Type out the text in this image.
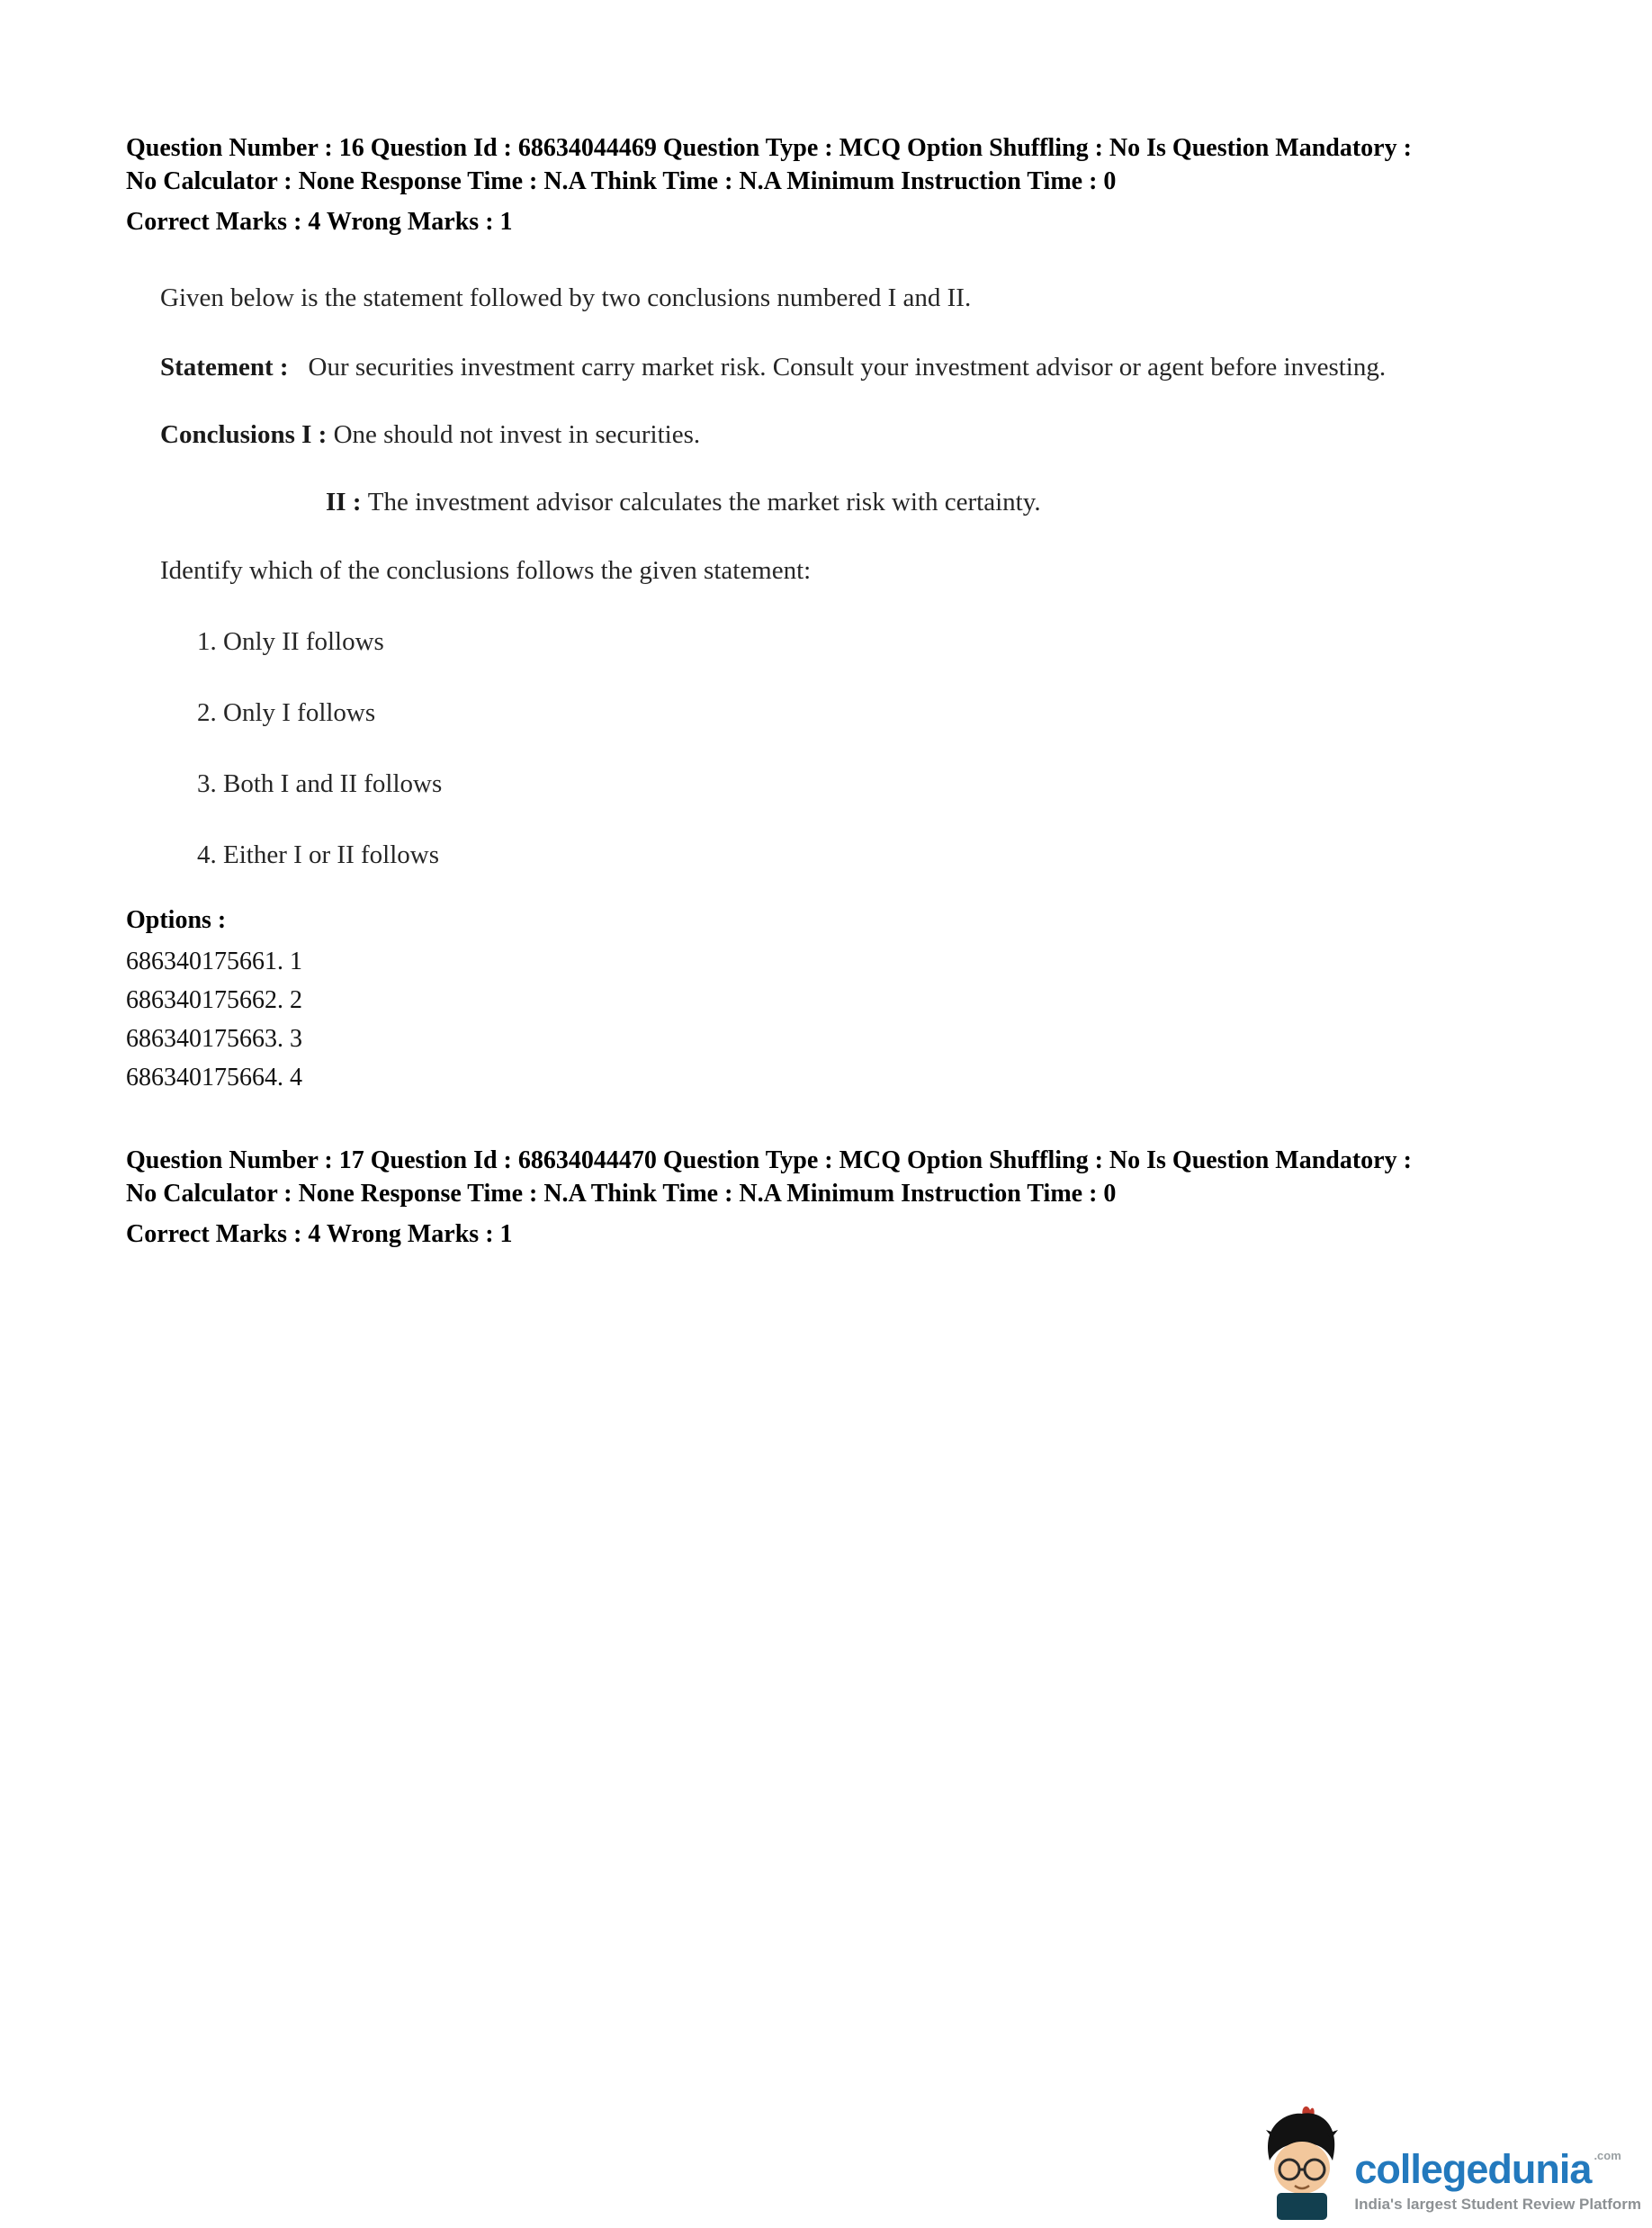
Question Number : 16 Question Id : 68634044469 Question Type : MCQ Option Shuffling : No Is Question Mandatory :
No Calculator : None Response Time : N.A Think Time : N.A Minimum Instruction Time : 0
Correct Marks : 4 Wrong Marks : 1
Given below is the statement followed by two conclusions numbered I and II.
Statement : Our securities investment carry market risk. Consult your investment advisor or agent before investing.
Conclusions I : One should not invest in securities.
II : The investment advisor calculates the market risk with certainty.
Identify which of the conclusions follows the given statement:
1. Only II follows
2. Only I follows
3. Both I and II follows
4. Either I or II follows
Options :
686340175661. 1
686340175662. 2
686340175663. 3
686340175664. 4
Question Number : 17 Question Id : 68634044470 Question Type : MCQ Option Shuffling : No Is Question Mandatory :
No Calculator : None Response Time : N.A Think Time : N.A Minimum Instruction Time : 0
Correct Marks : 4 Wrong Marks : 1
collegedunia $^{.com}$
India's largest Student Review Platform
